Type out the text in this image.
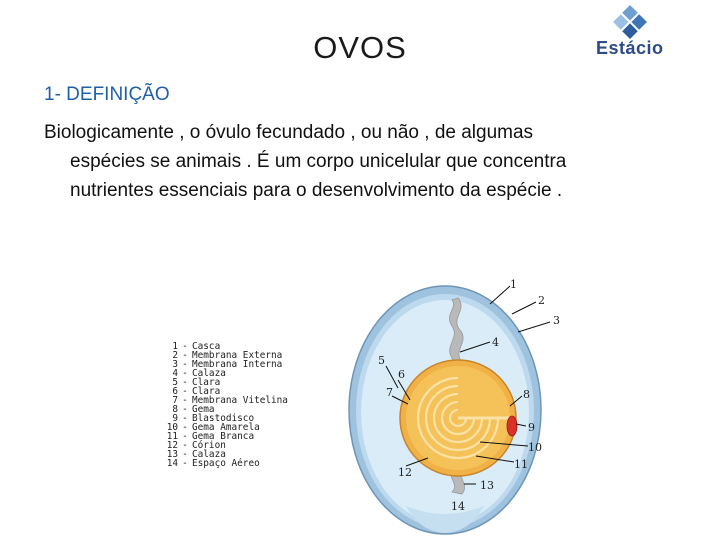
OVOS	Estácio
1- DEFINIÇÃO
Biologicamente , o óvulo fecundado , ou não , de algumas
espécies se animais . É um corpo unicelular que concentra
nutrientes essenciais para o desenvolvimento da espécie .
1 - Casca
2 - Membrana Externa
3 - Membrana Interna
4 - Calaza
5 - Clara
6 - Clara
7 - Membrana Vitelina
8 - Gema
9 - Blastodisco
10 - Gema Amarela
11 - Gema Branca
12 - Córion
13 - Calaza
14 - Espaço Aéreo
1
2
3
4
5
6
7	8
9
10
11
12
13
14
